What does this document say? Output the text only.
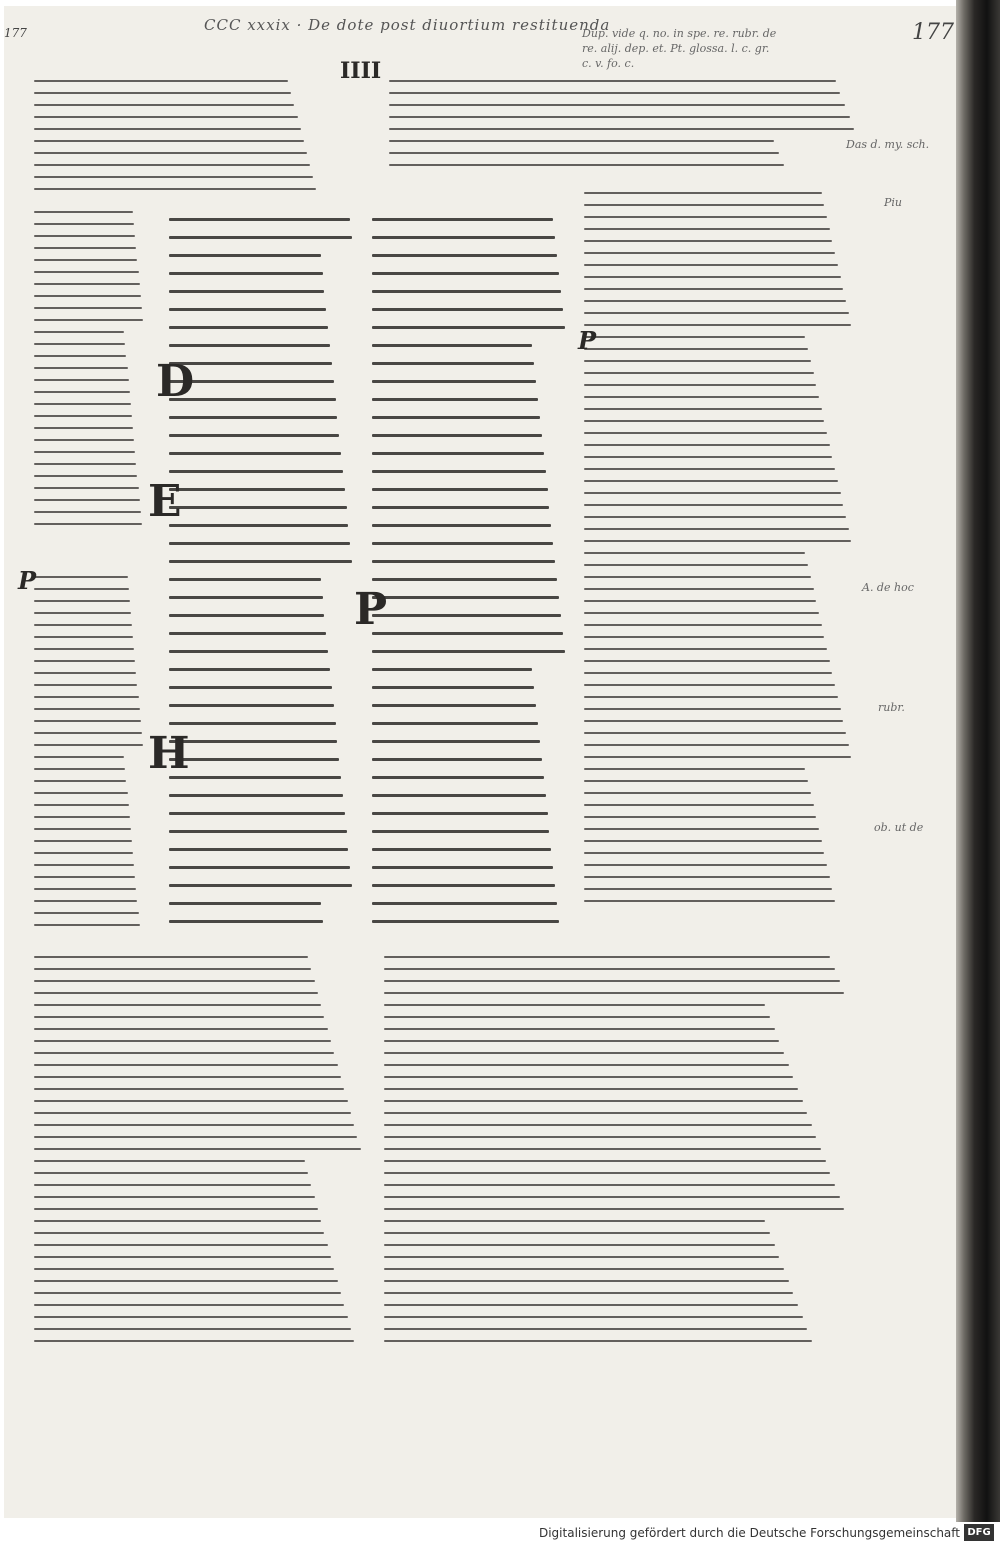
177	CCC xxxix · De dote post diuortium restituenda	177
Dup. vide q. no. in spe. re. rubr. de re. alij. dep. et. Pt. glossa. l. c. gr. c. v. fo. c.
IIII
D
E
H
P
P
P
Das d. my. sch.
Piu
A. de hoc
rubr.
ob. ut de
Digitalisierung gefördert durch die Deutsche Forschungsgemeinschaft DFG
